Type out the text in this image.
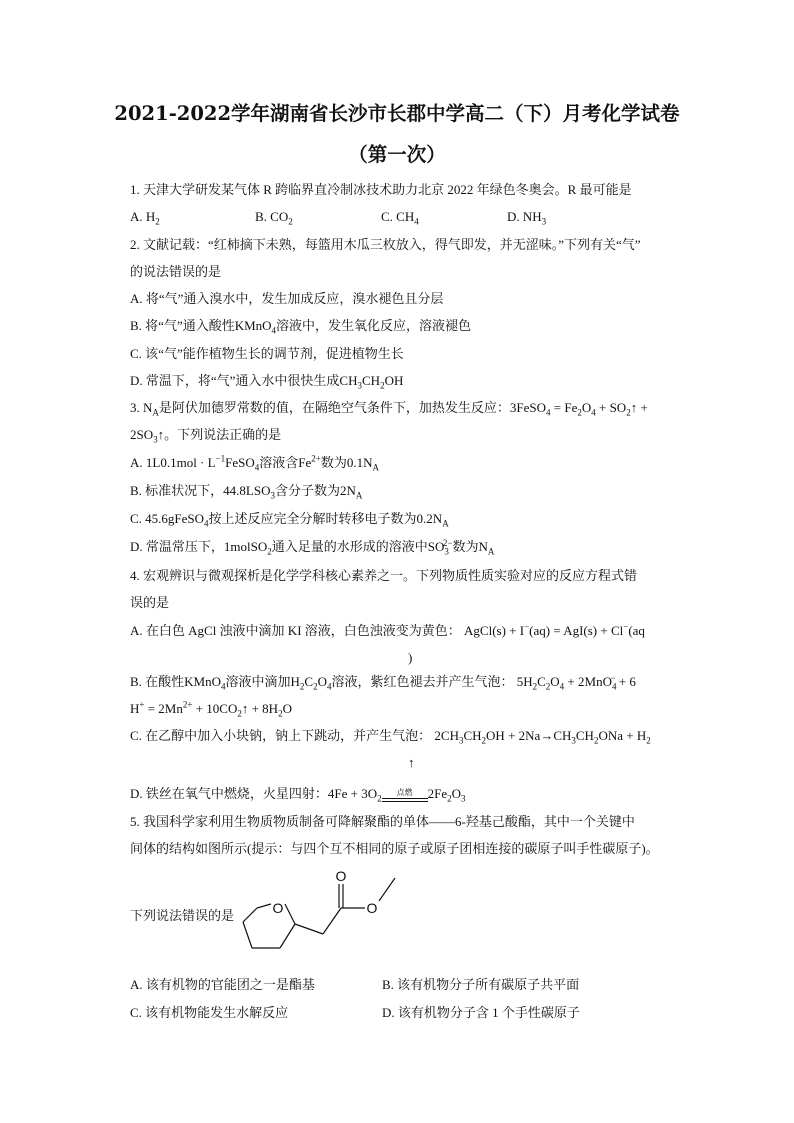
2021-2022学年湖南省长沙市长郡中学高二（下）月考化学试卷
（第一次）
1. 天津大学研发某气体 R 跨临界直冷制冰技术助力北京 2022 年绿色冬奥会。R 最可能是
A. $H_2$	B. $CO_2$	C. $CH_4$	D. $NH_3$
2. 文献记载：“红柿摘下未熟，每篮用木瓜三枚放入，得气即发，并无涩味。”下列有关“气”
的说法错误的是
A. 将“气”通入溴水中，发生加成反应，溴水褪色且分层
B. 将“气”通入酸性KMnO$_4$溶液中，发生氧化反应，溶液褪色
C. 该“气”能作植物生长的调节剂，促进植物生长
D. 常温下，将“气”通入水中很快生成$CH_3CH_2OH$
3. $N_A$是阿伏加德罗常数的值，在隔绝空气条件下，加热发生反应：3FeSO$_4$ = $Fe_2O_4$ + $SO_2↑$ +
$2SO_3↑$。下列说法正确的是
A. $1L0.1mol \cdot L^{-1}FeSO_4$溶液含$Fe^{2+}$数为$0.1N_A$
B. 标准状况下，$44.8LSO_3$含分子数为$2N_A$
C. 45.6gFeSO$_4$按上述反应完全分解时转移电子数为$0.2N_A$
D. 常温常压下，1molSO$_2$通入足量的水形成的溶液中$SO_3^{2-}$数为$N_A$
4. 宏观辨识与微观探析是化学学科核心素养之一。下列物质性质实验对应的反应方程式错
误的是
A. 在白色 AgCl 浊液中滴加 KI 溶液，白色浊液变为黄色： AgCl(s) + I−(aq) = AgI(s) + Cl−(aq
)
B. 在酸性KMnO$_4$溶液中滴加$H_2C_2O_4$溶液，紫红色褪去并产生气泡： $5H_2C_2O_4 + 2MnO_4^- + 6$
$H^+ = 2Mn^{2+}$ + $10CO_2↑ + 8H_2O$
C. 在乙醇中加入小块钠，钠上下跳动，并产生气泡： $2CH_3CH_2OH + 2Na\to CH_3CH_2ONa + H_2$
↑
D. 铁丝在氧气中燃烧，火星四射：$4Fe + 3O_2$
点燃	$2Fe_2O_3$
5. 我国科学家利用生物质物质制备可降解聚酯的单体——6-羟基己酸酯，其中一个关键中
间体的结构如图所示(提示：与四个互不相同的原子或原子团相连接的碳原子叫手性碳原子)。
下列说法错误的是	O
O
O
A. 该有机物的官能团之一是酯基	B. 该有机物分子所有碳原子共平面
C. 该有机物能发生水解反应	D. 该有机物分子含 1 个手性碳原子
